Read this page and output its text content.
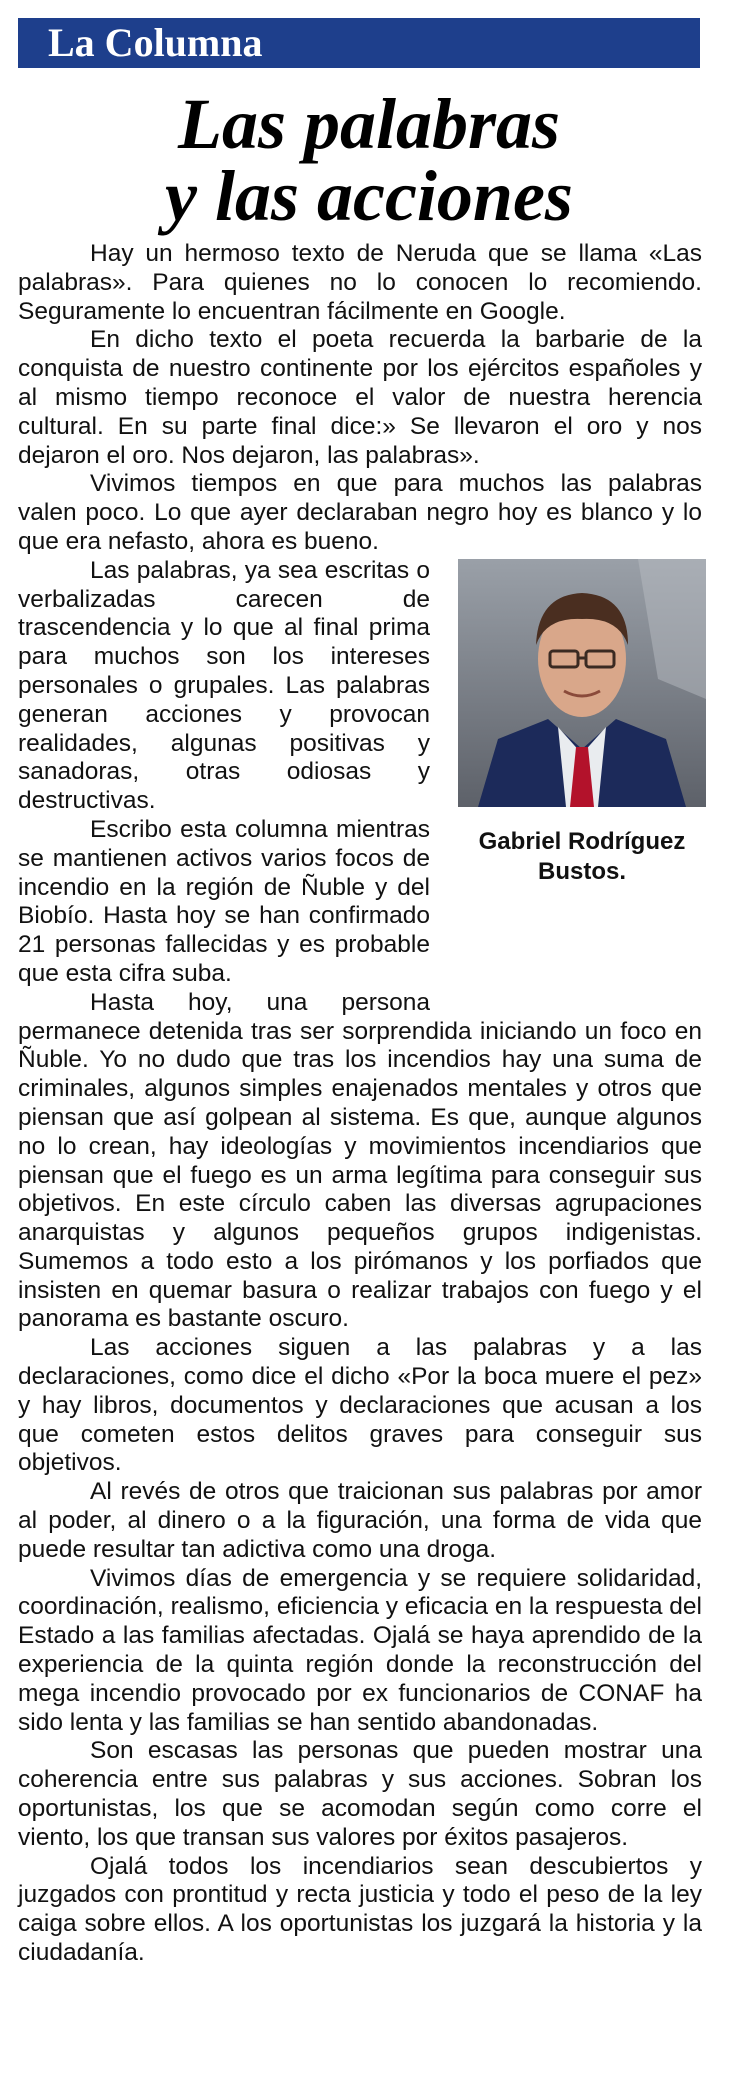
La Columna
Las palabras
y las acciones

Hay un hermoso texto de Neruda que se llama «Las palabras». Para quienes no lo conocen lo recomiendo. Seguramente lo encuentran fácilmente en Google.

En dicho texto el poeta recuerda la barbarie de la conquista de nuestro continente por los ejércitos españoles y al mismo tiempo reconoce el valor de nuestra herencia cultural. En su parte final dice:» Se llevaron el oro y nos dejaron el oro. Nos dejaron, las palabras».

Vivimos tiempos en que para muchos las palabras valen poco. Lo que ayer declaraban negro hoy es blanco y lo que era nefasto, ahora es bueno.

Gabriel Rodríguez Bustos.

Las palabras, ya sea escritas o verbalizadas carecen de trascendencia y lo que al final prima para muchos son los intereses personales o grupales. Las palabras generan acciones y provocan realidades, algunas positivas y sanadoras, otras odiosas y destructivas.

Escribo esta columna mientras se mantienen activos varios focos de incendio en la región de Ñuble y del Biobío. Hasta hoy se han confirmado 21 personas fallecidas y es probable que esta cifra suba.

Hasta hoy, una persona permanece detenida tras ser sorprendida iniciando un foco en Ñuble. Yo no dudo que tras los incendios hay una suma de criminales, algunos simples enajenados mentales y otros que piensan que así golpean al sistema. Es que, aunque algunos no lo crean, hay ideologías y movimientos incendiarios que piensan que el fuego es un arma legítima para conseguir sus objetivos. En este círculo caben las diversas agrupaciones anarquistas y algunos pequeños grupos indigenistas. Sumemos a todo esto a los pirómanos y los porfiados que insisten en quemar basura o realizar trabajos con fuego y el panorama es bastante oscuro.

Las acciones siguen a las palabras y a las declaraciones, como dice el dicho «Por la boca muere el pez» y hay libros, documentos y declaraciones que acusan a los que cometen estos delitos graves para conseguir sus objetivos.

Al revés de otros que traicionan sus palabras por amor al poder, al dinero o a la figuración, una forma de vida que puede resultar tan adictiva como una droga.

Vivimos días de emergencia y se requiere solidaridad, coordinación, realismo, eficiencia y eficacia en la respuesta del Estado a las familias afectadas. Ojalá se haya aprendido de la experiencia de la quinta región donde la reconstrucción del mega incendio provocado por ex funcionarios de CONAF ha sido lenta y las familias se han sentido abandonadas.

Son escasas las personas que pueden mostrar una coherencia entre sus palabras y sus acciones. Sobran los oportunistas, los que se acomodan según como corre el viento, los que transan sus valores por éxitos pasajeros.

Ojalá todos los incendiarios sean descubiertos y juzgados con prontitud y recta justicia y todo el peso de la ley caiga sobre ellos. A los oportunistas los juzgará la historia y la ciudadanía.
